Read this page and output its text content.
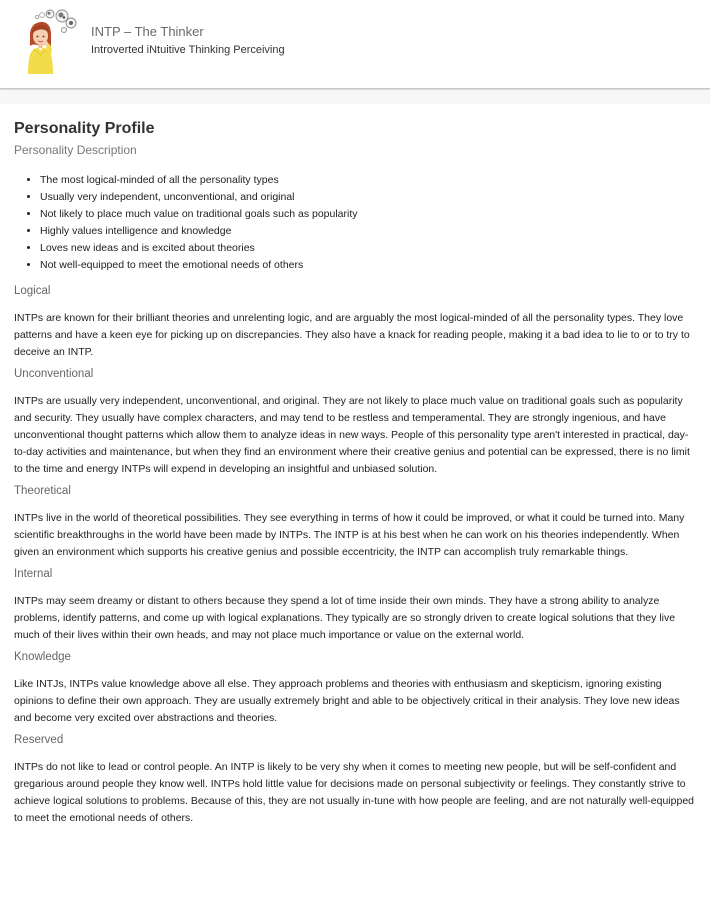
INTP – The Thinker
Introverted iNtuitive Thinking Perceiving
Personality Profile
Personality Description
• The most logical-minded of all the personality types
• Usually very independent, unconventional, and original
• Not likely to place much value on traditional goals such as popularity
• Highly values intelligence and knowledge
• Loves new ideas and is excited about theories
• Not well-equipped to meet the emotional needs of others
Logical

INTPs are known for their brilliant theories and unrelenting logic, and are arguably the most logical-minded of all the personality types. They love patterns and have a keen eye for picking up on discrepancies. They also have a knack for reading people, making it a bad idea to lie to or to try to deceive an INTP.

Unconventional

INTPs are usually very independent, unconventional, and original. They are not likely to place much value on traditional goals such as popularity and security. They usually have complex characters, and may tend to be restless and temperamental. They are strongly ingenious, and have unconventional thought patterns which allow them to analyze ideas in new ways. People of this personality type aren't interested in practical, day-to-day activities and maintenance, but when they find an environment where their creative genius and potential can be expressed, there is no limit to the time and energy INTPs will expend in developing an insightful and unbiased solution.

Theoretical

INTPs live in the world of theoretical possibilities. They see everything in terms of how it could be improved, or what it could be turned into. Many scientific breakthroughs in the world have been made by INTPs. The INTP is at his best when he can work on his theories independently. When given an environment which supports his creative genius and possible eccentricity, the INTP can accomplish truly remarkable things.

Internal

INTPs may seem dreamy or distant to others because they spend a lot of time inside their own minds. They have a strong ability to analyze problems, identify patterns, and come up with logical explanations. They typically are so strongly driven to create logical solutions that they live much of their lives within their own heads, and may not place much importance or value on the external world.

Knowledge

Like INTJs, INTPs value knowledge above all else. They approach problems and theories with enthusiasm and skepticism, ignoring existing opinions to define their own approach. They are usually extremely bright and able to be objectively critical in their analysis. They love new ideas and become very excited over abstractions and theories.

Reserved

INTPs do not like to lead or control people. An INTP is likely to be very shy when it comes to meeting new people, but will be self-confident and gregarious around people they know well. INTPs hold little value for decisions made on personal subjectivity or feelings. They constantly strive to achieve logical solutions to problems. Because of this, they are not usually in-tune with how people are feeling, and are not naturally well-equipped to meet the emotional needs of others.
